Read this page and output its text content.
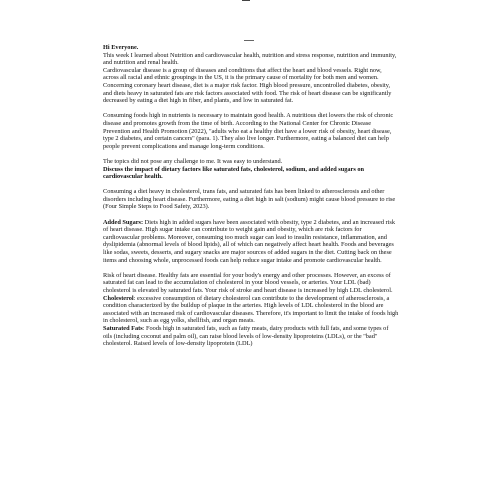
Hi Everyone.

This week I learned about Nutrition and cardiovascular health, nutrition and stress response, nutrition and immunity, and nutrition and renal health.

Cardiovascular disease is a group of diseases and conditions that affect the heart and blood vessels. Right now, across all racial and ethnic groupings in the US, it is the primary cause of mortality for both men and women. Concerning coronary heart disease, diet is a major risk factor. High blood pressure, uncontrolled diabetes, obesity, and diets heavy in saturated fats are risk factors associated with food. The risk of heart disease can be significantly decreased by eating a diet high in fiber, and plants, and low in saturated fat.

Consuming foods high in nutrients is necessary to maintain good health. A nutritious diet lowers the risk of chronic disease and promotes growth from the time of birth. According to the National Center for Chronic Disease Prevention and Health Promotion (2022), "adults who eat a healthy diet have a lower risk of obesity, heart disease, type 2 diabetes, and certain cancers" (para. 1). They also live longer. Furthermore, eating a balanced diet can help people prevent complications and manage long-term conditions.

The topics did not pose any challenge to me. It was easy to understand.

Discuss the impact of dietary factors like saturated fats, cholesterol, sodium, and added sugars on cardiovascular health.

Consuming a diet heavy in cholesterol, trans fats, and saturated fats has been linked to atherosclerosis and other disorders including heart disease. Furthermore, eating a diet high in salt (sodium) might cause blood pressure to rise (Four Simple Steps to Food Safety, 2023).

Added Sugars: Diets high in added sugars have been associated with obesity, type 2 diabetes, and an increased risk of heart disease. High sugar intake can contribute to weight gain and obesity, which are risk factors for cardiovascular problems. Moreover, consuming too much sugar can lead to insulin resistance, inflammation, and dyslipidemia (abnormal levels of blood lipids), all of which can negatively affect heart health. Foods and beverages like sodas, sweets, desserts, and sugary snacks are major sources of added sugars in the diet. Cutting back on these items and choosing whole, unprocessed foods can help reduce sugar intake and promote cardiovascular health.

Risk of heart disease. Healthy fats are essential for your body's energy and other processes. However, an excess of saturated fat can lead to the accumulation of cholesterol in your blood vessels, or arteries. Your LDL (bad) cholesterol is elevated by saturated fats. Your risk of stroke and heart disease is increased by high LDL cholesterol.

Cholesterol: excessive consumption of dietary cholesterol can contribute to the development of atherosclerosis, a condition characterized by the buildup of plaque in the arteries. High levels of LDL cholesterol in the blood are associated with an increased risk of cardiovascular diseases. Therefore, it's important to limit the intake of foods high in cholesterol, such as egg yolks, shellfish, and organ meats.

Saturated Fats: Foods high in saturated fats, such as fatty meats, dairy products with full fats, and some types of oils (including coconut and palm oil), can raise blood levels of low-density lipoproteins (LDLs), or the "bad" cholesterol. Raised levels of low-density lipoprotein (LDL)
